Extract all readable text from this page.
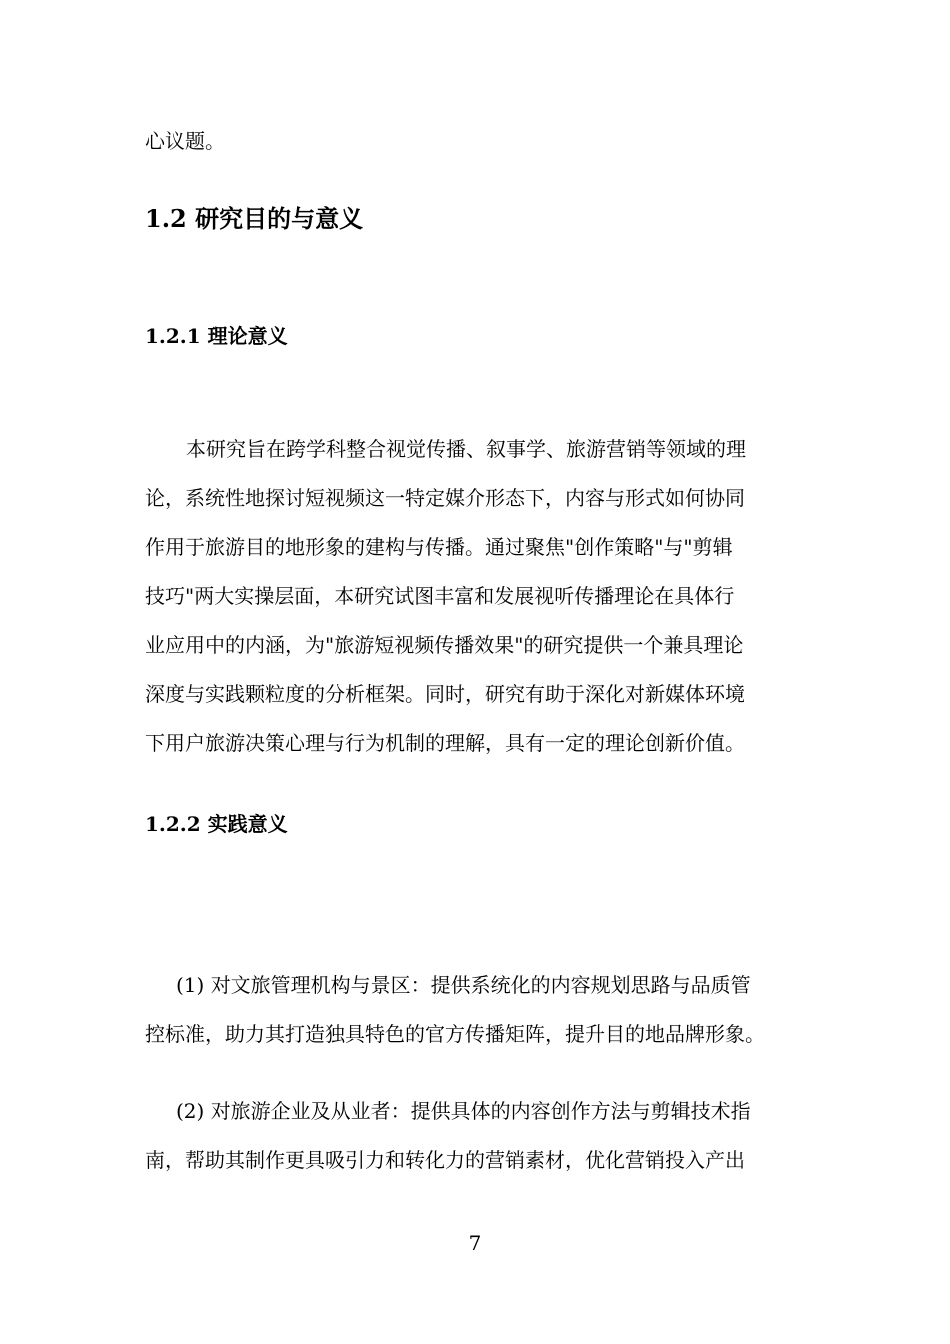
心议题。
1.2 研究目的与意义
1.2.1 理论意义
本研究旨在跨学科整合视觉传播、叙事学、旅游营销等领域的理
论，系统性地探讨短视频这一特定媒介形态下，内容与形式如何协同
作用于旅游目的地形象的建构与传播。通过聚焦"创作策略"与"剪辑
技巧"两大实操层面，本研究试图丰富和发展视听传播理论在具体行
业应用中的内涵，为"旅游短视频传播效果"的研究提供一个兼具理论
深度与实践颗粒度的分析框架。同时，研究有助于深化对新媒体环境
下用户旅游决策心理与行为机制的理解，具有一定的理论创新价值。
1.2.2 实践意义
(1) 对文旅管理机构与景区：提供系统化的内容规划思路与品质管
控标准，助力其打造独具特色的官方传播矩阵，提升目的地品牌形象。
(2) 对旅游企业及从业者：提供具体的内容创作方法与剪辑技术指
南，帮助其制作更具吸引力和转化力的营销素材，优化营销投入产出
7
